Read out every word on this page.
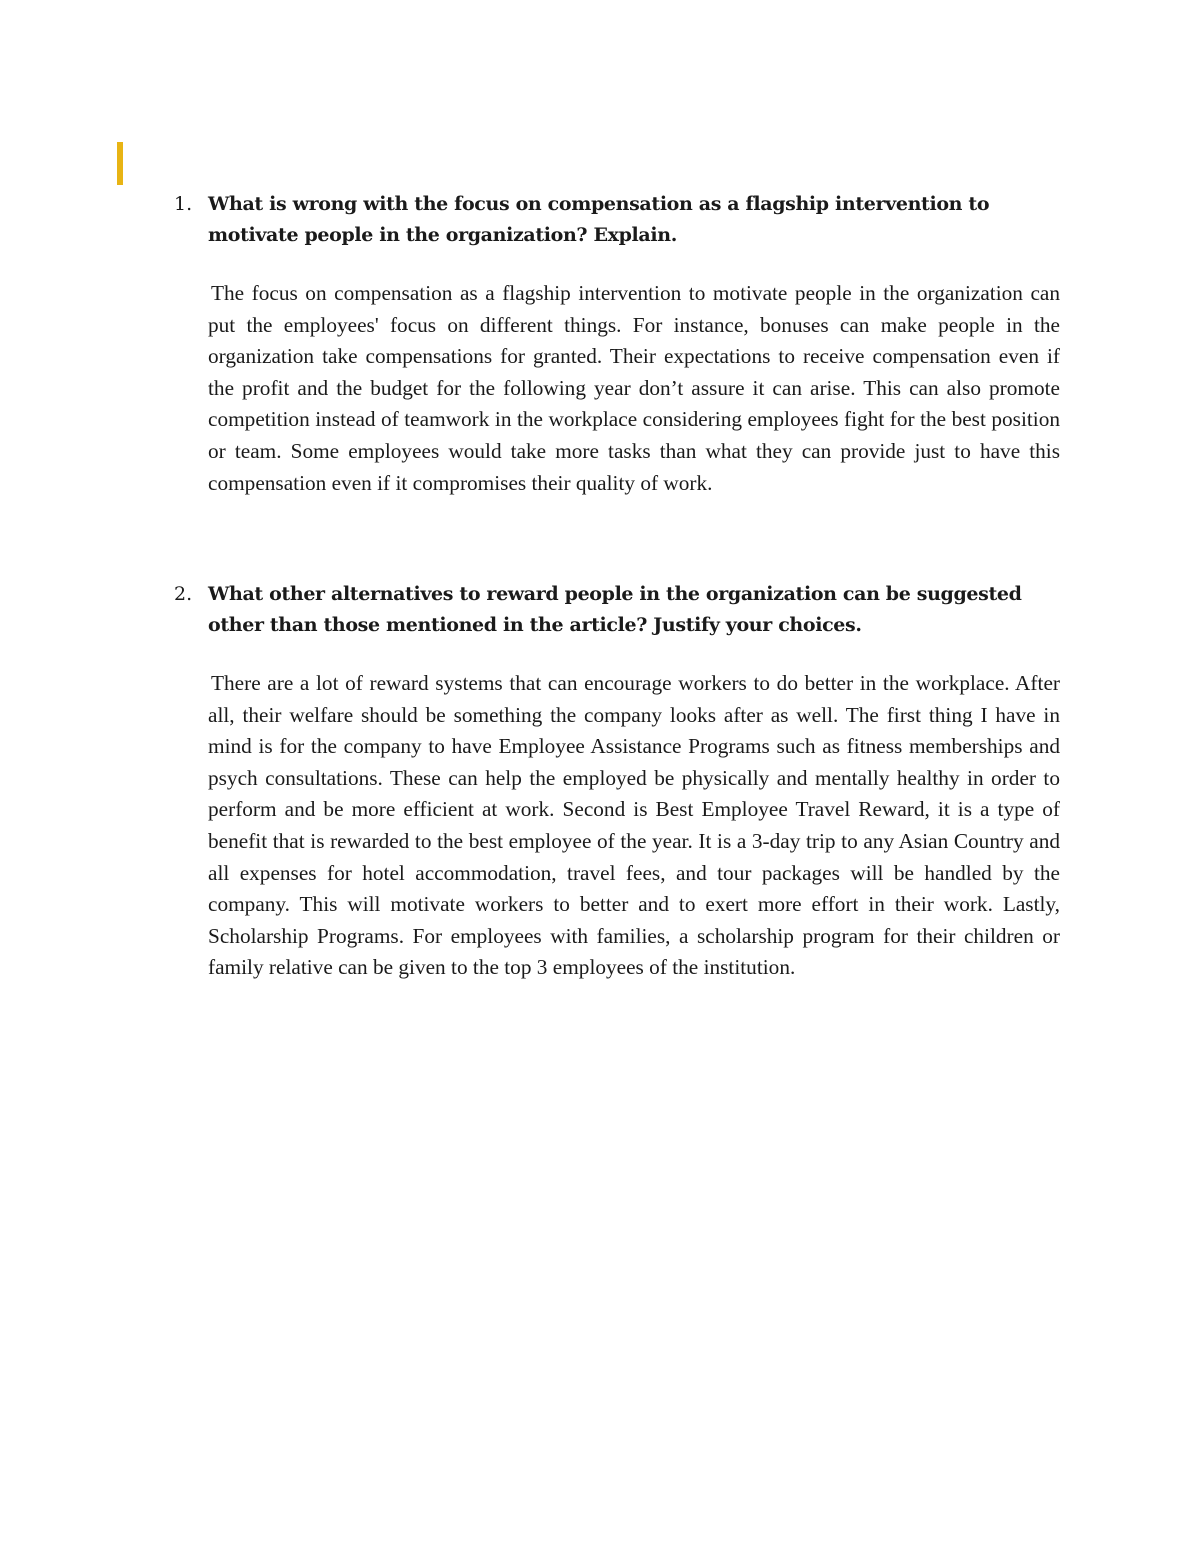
1. What is wrong with the focus on compensation as a flagship intervention to motivate people in the organization? Explain.
The focus on compensation as a flagship intervention to motivate people in the organization can put the employees' focus on different things. For instance, bonuses can make people in the organization take compensations for granted. Their expectations to receive compensation even if the profit and the budget for the following year don’t assure it can arise. This can also promote competition instead of teamwork in the workplace considering employees fight for the best position or team. Some employees would take more tasks than what they can provide just to have this compensation even if it compromises their quality of work.
2. What other alternatives to reward people in the organization can be suggested other than those mentioned in the article? Justify your choices.
There are a lot of reward systems that can encourage workers to do better in the workplace. After all, their welfare should be something the company looks after as well. The first thing I have in mind is for the company to have Employee Assistance Programs such as fitness memberships and psych consultations. These can help the employed be physically and mentally healthy in order to perform and be more efficient at work. Second is Best Employee Travel Reward, it is a type of benefit that is rewarded to the best employee of the year. It is a 3-day trip to any Asian Country and all expenses for hotel accommodation, travel fees, and tour packages will be handled by the company. This will motivate workers to better and to exert more effort in their work. Lastly, Scholarship Programs. For employees with families, a scholarship program for their children or family relative can be given to the top 3 employees of the institution.
